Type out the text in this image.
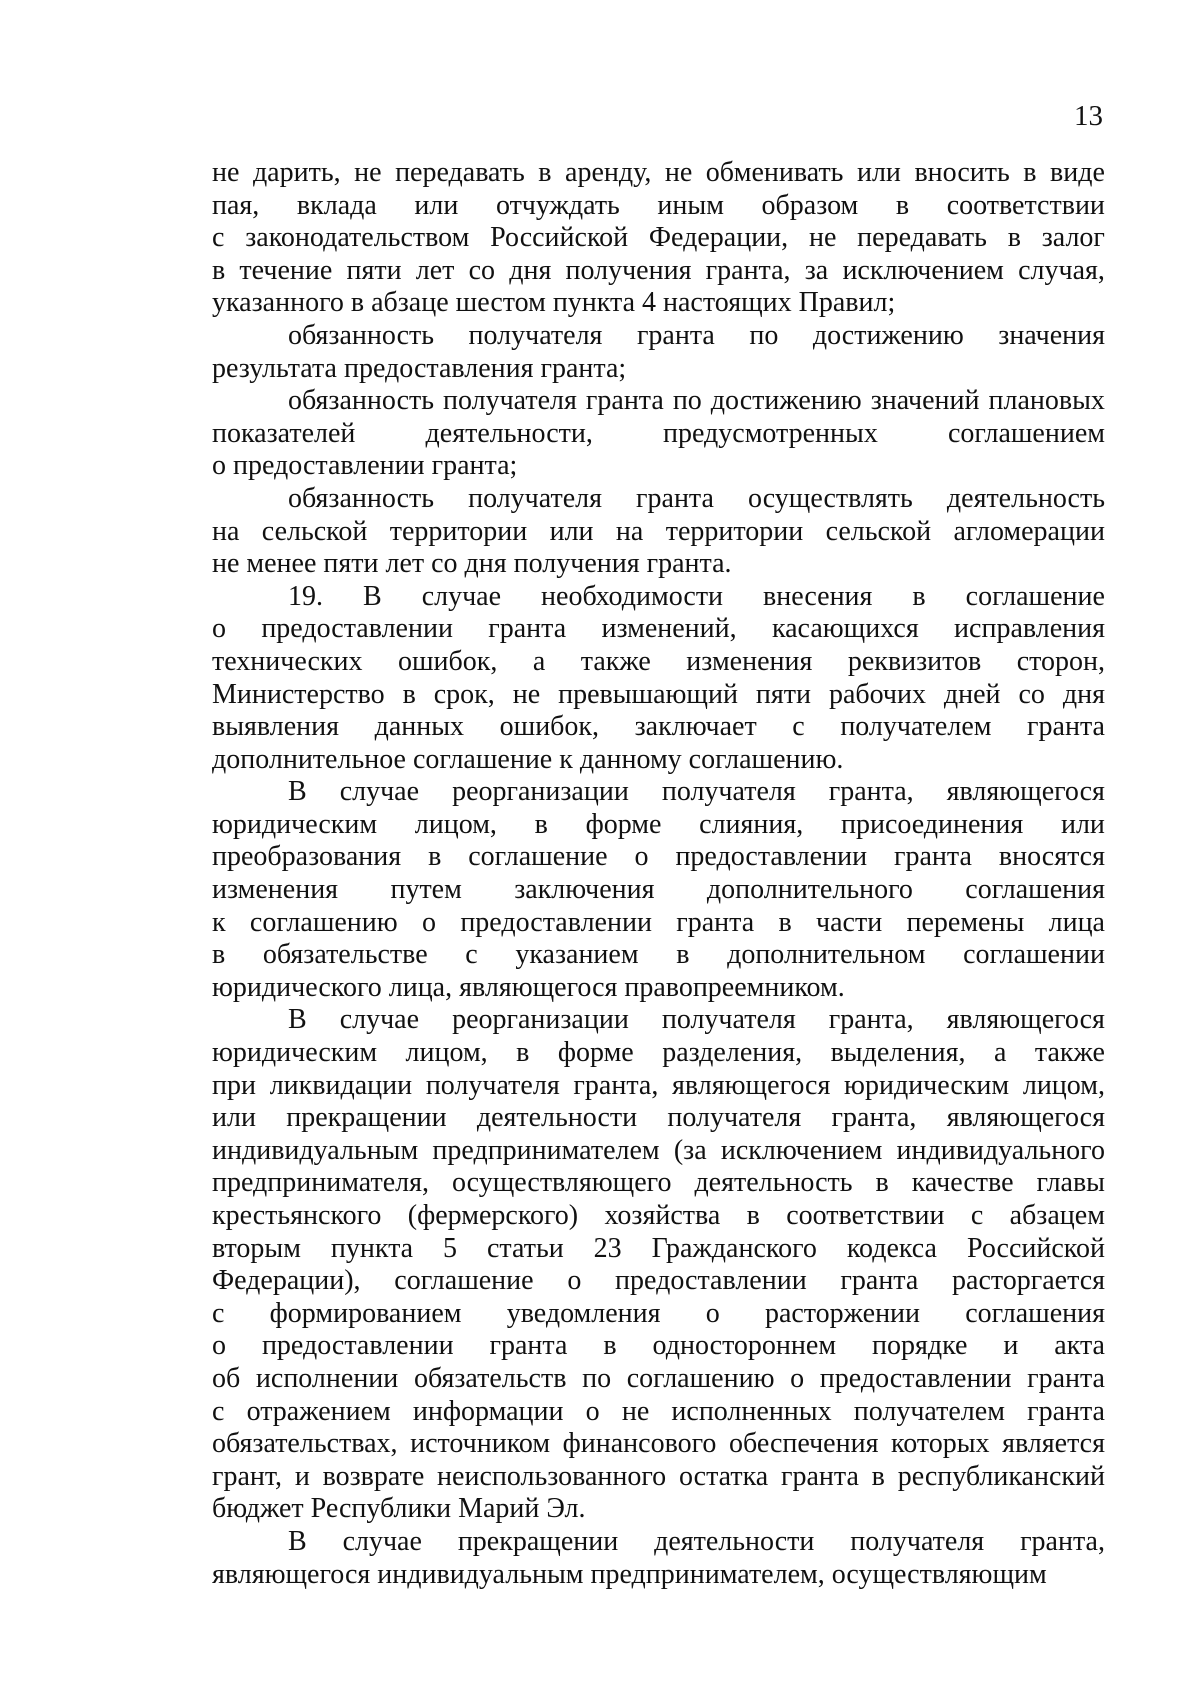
13
не дарить, не передавать в аренду, не обменивать или вносить в виде
пая, вклада или отчуждать иным образом в соответствии
с законодательством Российской Федерации, не передавать в залог
в течение пяти лет со дня получения гранта, за исключением случая,
указанного в абзаце шестом пункта 4 настоящих Правил;
обязанность получателя гранта по достижению значения
результата предоставления гранта;
обязанность получателя гранта по достижению значений плановых
показателей	деятельности,	предусмотренных	соглашением
о предоставлении гранта;
обязанность получателя гранта осуществлять деятельность
на сельской территории или на территории сельской агломерации
не менее пяти лет со дня получения гранта.
19. В случае необходимости внесения в соглашение
о предоставлении гранта изменений, касающихся исправления
технических ошибок, а также изменения реквизитов сторон,
Министерство в срок, не превышающий пяти рабочих дней со дня
выявления данных ошибок, заключает с получателем гранта
дополнительное соглашение к данному соглашению.
В случае реорганизации получателя гранта, являющегося
юридическим лицом, в форме слияния, присоединения или
преобразования в соглашение о предоставлении гранта вносятся
изменения путем заключения дополнительного соглашения
к соглашению о предоставлении гранта в части перемены лица
в обязательстве с указанием в дополнительном соглашении
юридического лица, являющегося правопреемником.
В случае реорганизации получателя гранта, являющегося
юридическим лицом, в форме разделения, выделения, а также
при ликвидации получателя гранта, являющегося юридическим лицом,
или прекращении деятельности получателя гранта, являющегося
индивидуальным предпринимателем (за исключением индивидуального
предпринимателя, осуществляющего деятельность в качестве главы
крестьянского (фермерского) хозяйства в соответствии с абзацем
вторым пункта 5 статьи 23 Гражданского кодекса Российской
Федерации), соглашение о предоставлении гранта расторгается
с формированием уведомления о расторжении соглашения
о предоставлении гранта в одностороннем порядке и акта
об исполнении обязательств по соглашению о предоставлении гранта
с отражением информации о не исполненных получателем гранта
обязательствах, источником финансового обеспечения которых является
грант, и возврате неиспользованного остатка гранта в республиканский
бюджет Республики Марий Эл.
В случае прекращении деятельности получателя гранта,
являющегося индивидуальным предпринимателем, осуществляющим
